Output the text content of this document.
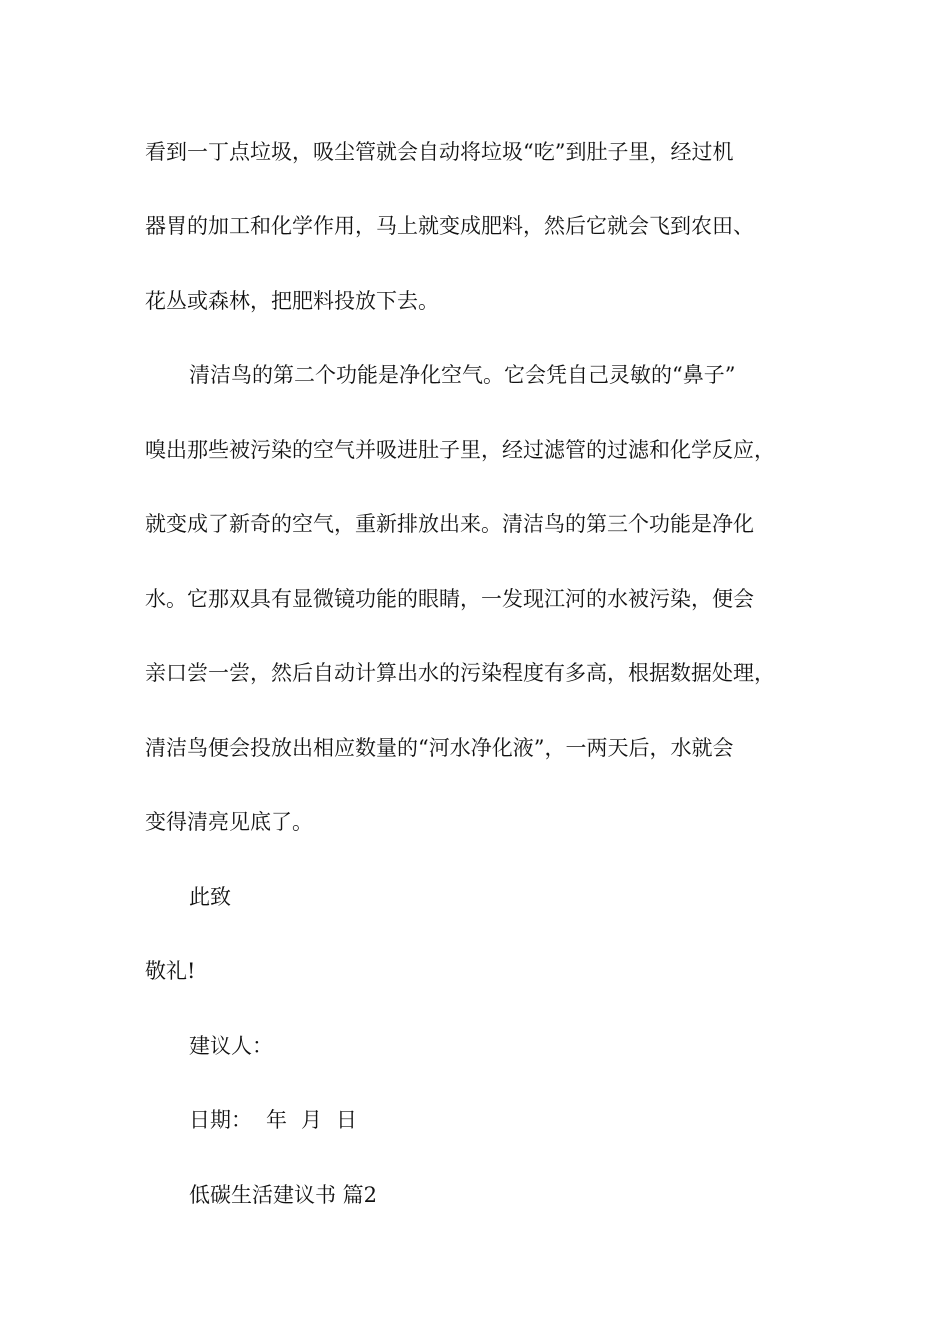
看到一丁点垃圾，吸尘管就会自动将垃圾“吃”到肚子里，经过机
器胃的加工和化学作用，马上就变成肥料，然后它就会飞到农田、
花丛或森林，把肥料投放下去。
清洁鸟的第二个功能是净化空气。它会凭自己灵敏的“鼻子”
嗅出那些被污染的空气并吸进肚子里，经过滤管的过滤和化学反应，
就变成了新奇的空气，重新排放出来。清洁鸟的第三个功能是净化
水。它那双具有显微镜功能的眼睛，一发现江河的水被污染，便会
亲口尝一尝，然后自动计算出水的污染程度有多高，根据数据处理，
清洁鸟便会投放出相应数量的“河水净化液”，一两天后，水就会
变得清亮见底了。
此致
敬礼!
建议人：
日期： 年 月 日
低碳生活建议书 篇2
